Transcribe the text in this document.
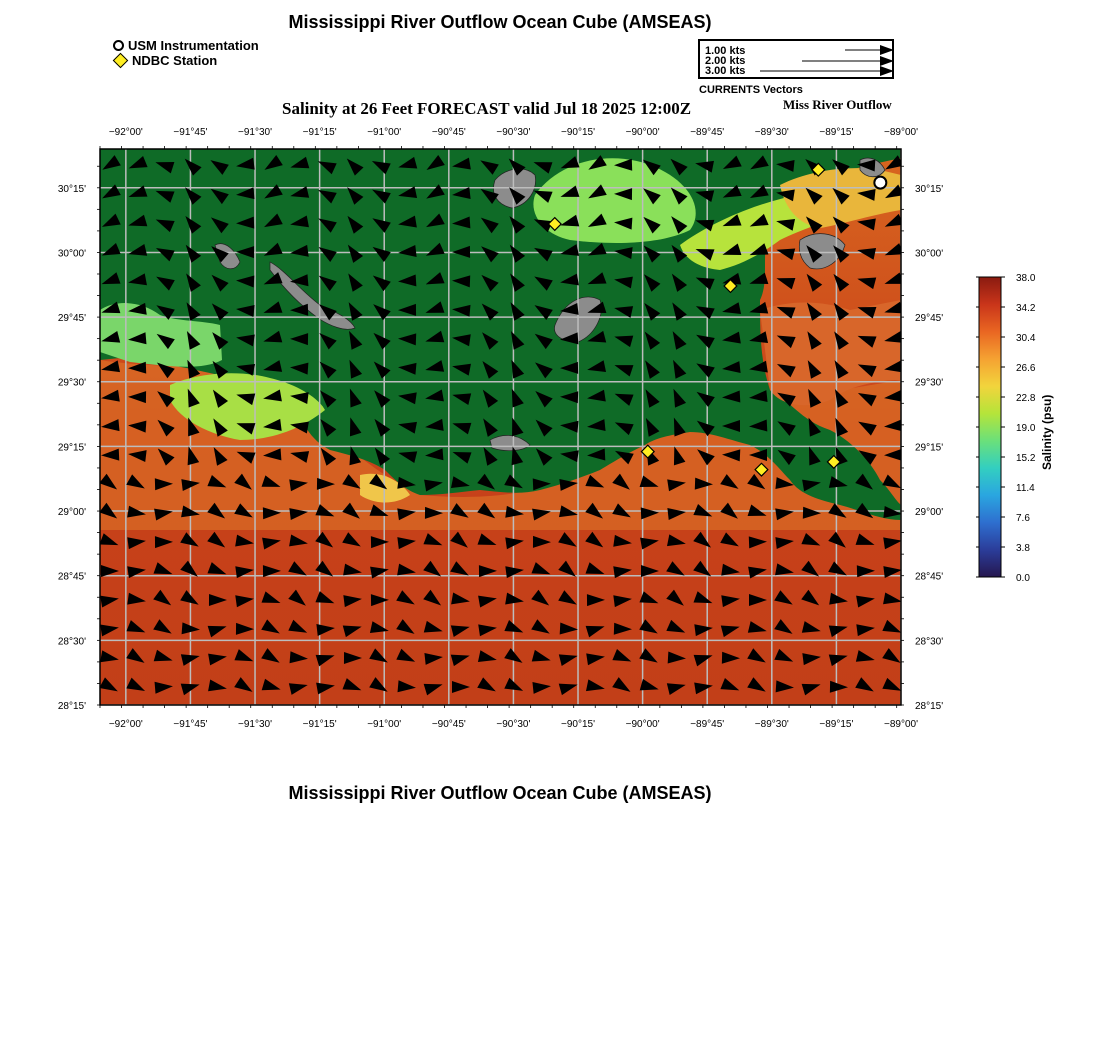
Mississippi River Outflow Ocean Cube (AMSEAS)
USM Instrumentation
NDBC Station
1.00 kts
2.00 kts
3.00 kts
CURRENTS Vectors
Salinity at 26 Feet FORECAST valid Jul 18 2025 12:00Z	Miss River Outflow
−92°00'	−91°45'	−91°30'	−91°15'	−91°00'	−90°45'	−90°30'	−90°15'	−90°00'	−89°45'	−89°30'	−89°15'	−89°00'
−92°00'	−91°45'	−91°30'	−91°15'	−91°00'	−90°45'	−90°30'	−90°15'	−90°00'	−89°45'	−89°30'	−89°15'	−89°00'
30°15'
30°00'
29°45'
29°30'
29°15'
29°00'
28°45'
28°30'
28°15'
30°15'
30°00'
29°45'
29°30'
29°15'
29°00'
28°45'
28°30'
28°15'
38.0
34.2
30.4
26.6
22.8
19.0
15.2
11.4
7.6
3.8
0.0
Salinity (psu)
Mississippi River Outflow Ocean Cube (AMSEAS)
